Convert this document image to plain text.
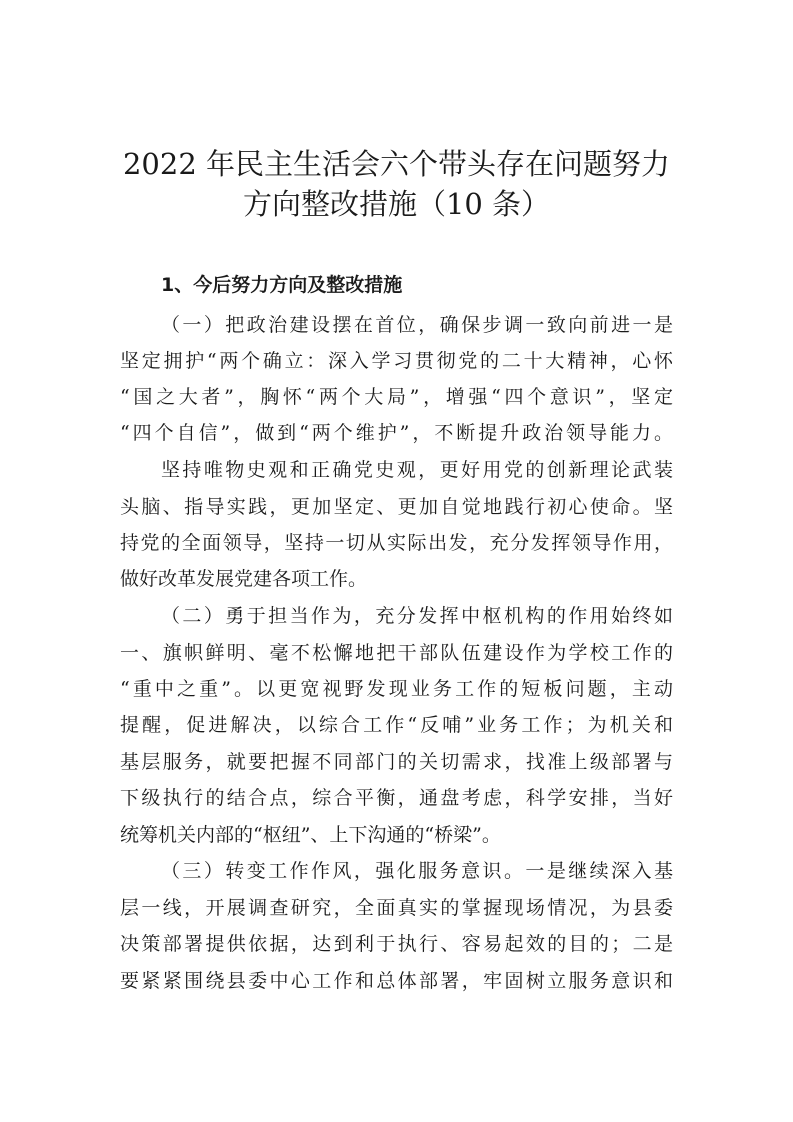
2022 年民主生活会六个带头存在问题努力
方向整改措施（10 条）
1、今后努力方向及整改措施
（一）把政治建设摆在首位，确保步调一致向前进一是
坚定拥护“两个确立：深入学习贯彻党的二十大精神，心怀
“国之大者”，胸怀“两个大局”，增强“四个意识”，坚定
“四个自信”，做到“两个维护”，不断提升政治领导能力。
坚持唯物史观和正确党史观，更好用党的创新理论武装
头脑、指导实践，更加坚定、更加自觉地践行初心使命。坚
持党的全面领导，坚持一切从实际出发，充分发挥领导作用，
做好改革发展党建各项工作。
（二）勇于担当作为，充分发挥中枢机构的作用始终如
一、旗帜鲜明、毫不松懈地把干部队伍建设作为学校工作的
“重中之重”。以更宽视野发现业务工作的短板问题，主动
提醒，促进解决，以综合工作“反哺”业务工作；为机关和
基层服务，就要把握不同部门的关切需求，找准上级部署与
下级执行的结合点，综合平衡，通盘考虑，科学安排，当好
统筹机关内部的“枢纽”、上下沟通的“桥梁”。
（三）转变工作作风，强化服务意识。一是继续深入基
层一线，开展调查研究，全面真实的掌握现场情况，为县委
决策部署提供依据，达到利于执行、容易起效的目的；二是
要紧紧围绕县委中心工作和总体部署，牢固树立服务意识和
